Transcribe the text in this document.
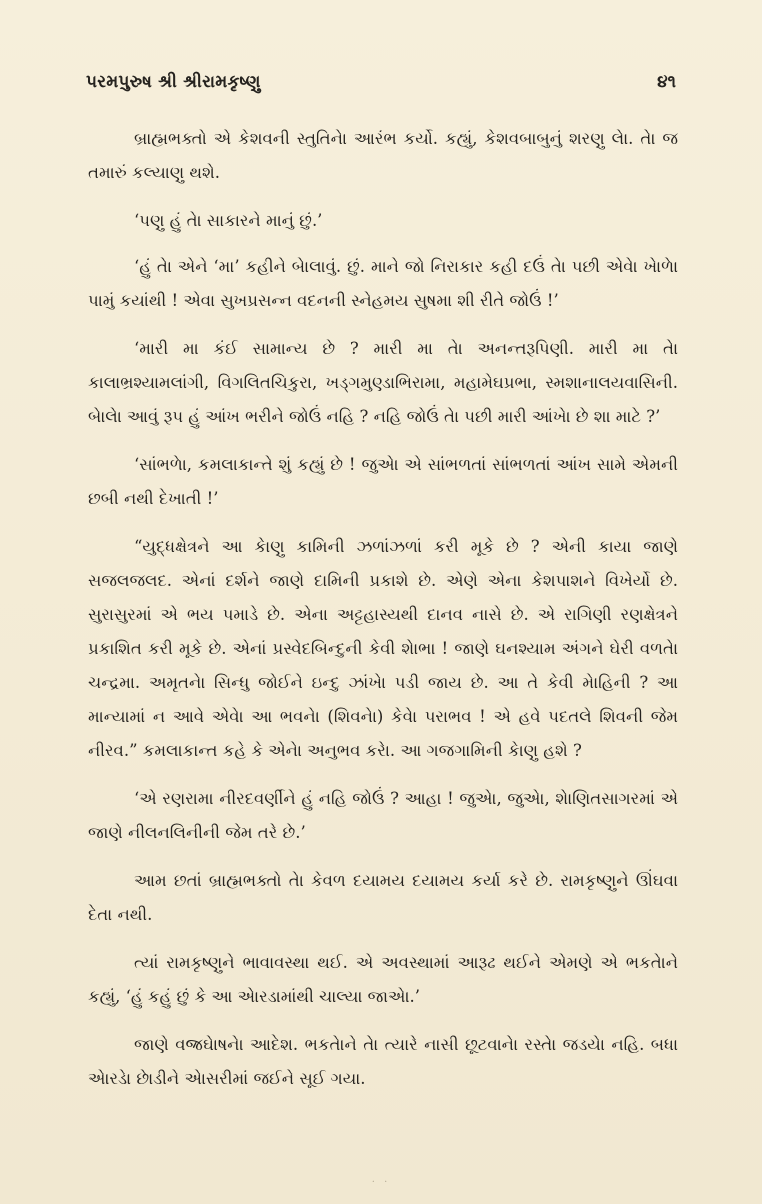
પરમપુરુષ શ્રી શ્રીરામકૃષ્ણુ	૪૧

બ્રાહ્મભક્તો એ કેશવની સ્તુતિનેા આરંભ કર્યો. કહ્યું, કેશવબાબુનું શરણુ લેા. તેા જ તમારું કલ્યાણુ થશે.

‘પણુ હું તેા સાકારને માનું છું.’

‘હું તેા એને ‘મા’ કહીને બેાલાવું. છું. માને જો નિરાકાર કહી દઉં તેા પછી એવેા ખેાળેા પામું કયાંથી ! એવા સુખપ્રસન્ન વદનની સ્નેહમય સુષમા શી રીતે જોઉં !’

‘મારી મા કંઈ સામાન્ય છે ? મારી મા તેા અનન્તરૂપિણી. મારી મા તેા કાલાભ્રશ્યામલાંગી, વિગલિતચિકુરા, ખડ્ગમુણ્ડાભિરામા, મહામેઘપ્રભા, સ્મશાનાલયવાસિની. બેાલેા આવું રૂપ હું આંખ ભરીને જોઉં નહિ ? નહિ જોઉં તેા પછી મારી આંખેા છે શા માટે ?’

‘સાંભળેા, કમલાકાન્તે શું કહ્યું છે ! જુએા એ સાંભળતાં સાંભળતાં આંખ સામે એમની છબી નથી દેખાતી !’

“યુદ્ધક્ષેત્રને આ કેાણુ કામિની ઝળાંઝળાં કરી મૂકે છે ? એની કાયા જાણે સજલજલદ. એનાં દર્શને જાણે દામિની પ્રકાશે છે. એણે એના કેશપાશને વિખેર્યો છે. સુરાસુરમાં એ ભય પમાડે છે. એના અટ્ટહાસ્યથી દાનવ નાસે છે. એ રાગિણી રણક્ષેત્રને પ્રકાશિત કરી મૂકે છે. એનાં પ્રસ્વેદબિન્દુની કેવી શેાભા ! જાણે ઘનશ્યામ અંગને ઘેરી વળતેા ચન્દ્રમા. અમૃતનેા સિન્ધુ જોઈને ઇન્દુ ઝાંખેા પડી જાય છે. આ તે કેવી મેાહિની ? આ માન્યામાં ન આવે એવેા આ ભવનેા (શિવનેા) કેવેા પરાભવ ! એ હવે પદતલે શિવની જેમ નીરવ.” કમલાકાન્ત કહે કે એનેા અનુભવ કરેા. આ ગજગામિની કેાણુ હશે ?

‘એ રણરામા નીરદવર્ણીને હું નહિ જોઉં ? આહા ! જુએા, જુએા, શેાણિતસાગરમાં એ જાણે નીલનલિનીની જેમ તરે છે.’

આમ છતાં બ્રાહ્મભક્તો તેા કેવળ દયામય દયામય કર્યા કરે છે. રામકૃષ્ણુને ઊંઘવા દેતા નથી.

ત્યાં રામકૃષ્ણુને ભાવાવસ્થા થઈ. એ અવસ્થામાં આરૂઢ થઈને એમણે એ ભકતેાને કહ્યું, ‘હું કહું છું કે આ એારડામાંથી ચાલ્યા જાએા.’

જાણે વજ્રઘેાષનેા આદેશ. ભકતેાને તેા ત્યારે નાસી છૂટવાનેા રસ્તેા જડયેા નહિ. બધા એારડેા છેાડીને એાસરીમાં જઈને સૂઈ ગયા.

· ·
